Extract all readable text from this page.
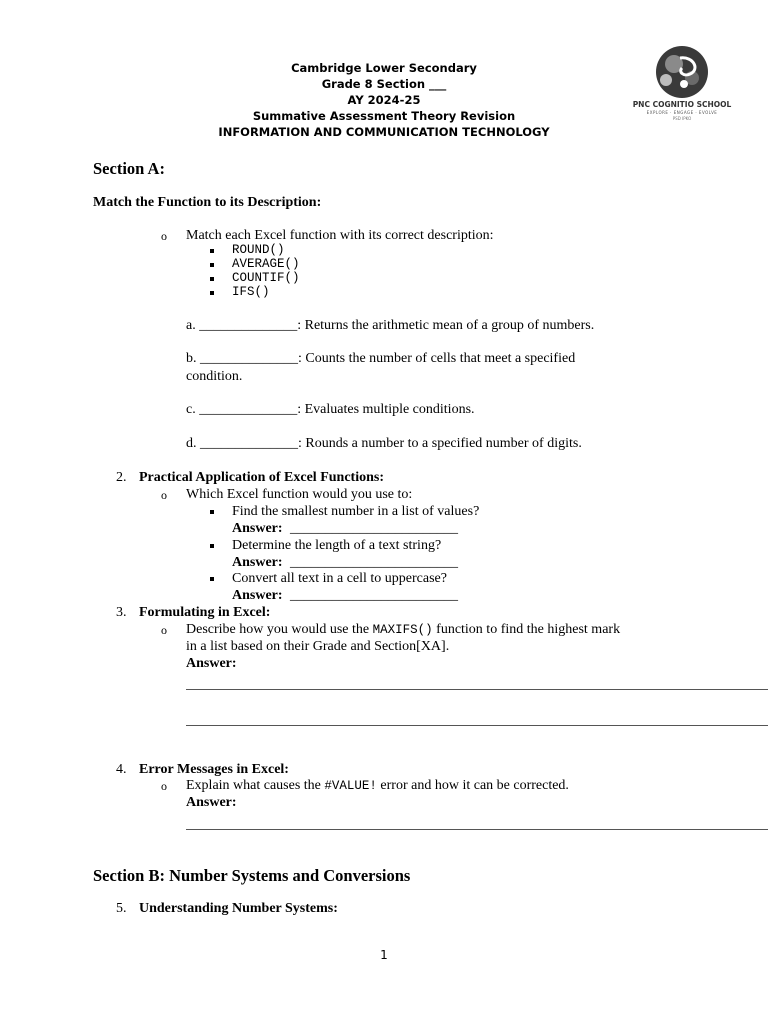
Cambridge Lower Secondary
Grade 8 Section ___
AY 2024-25
Summative Assessment Theory Revision
INFORMATION AND COMMUNICATION TECHNOLOGY
PNC COGNITIO SCHOOL
EXPLORE · ENGAGE · EVOLVE
PSD IPKO
Section A:
Match the Function to its Description:
o Match each Excel function with its correct description:
ROUND()
AVERAGE()
COUNTIF()
IFS()
a. ______________: Returns the arithmetic mean of a group of numbers.
b. ______________: Counts the number of cells that meet a specified
condition.
c. ______________: Evaluates multiple conditions.
d. ______________: Rounds a number to a specified number of digits.
2. Practical Application of Excel Functions:
o Which Excel function would you use to:
Find the smallest number in a list of values?
Answer: ________________________
Determine the length of a text string?
Answer: ________________________
Convert all text in a cell to uppercase?
Answer: ________________________
3. Formulating in Excel:
o Describe how you would use the MAXIFS() function to find the highest mark
in a list based on their Grade and Section[XA].
Answer:
4. Error Messages in Excel:
o Explain what causes the #VALUE! error and how it can be corrected.
Answer:
Section B: Number Systems and Conversions
5. Understanding Number Systems:
1
